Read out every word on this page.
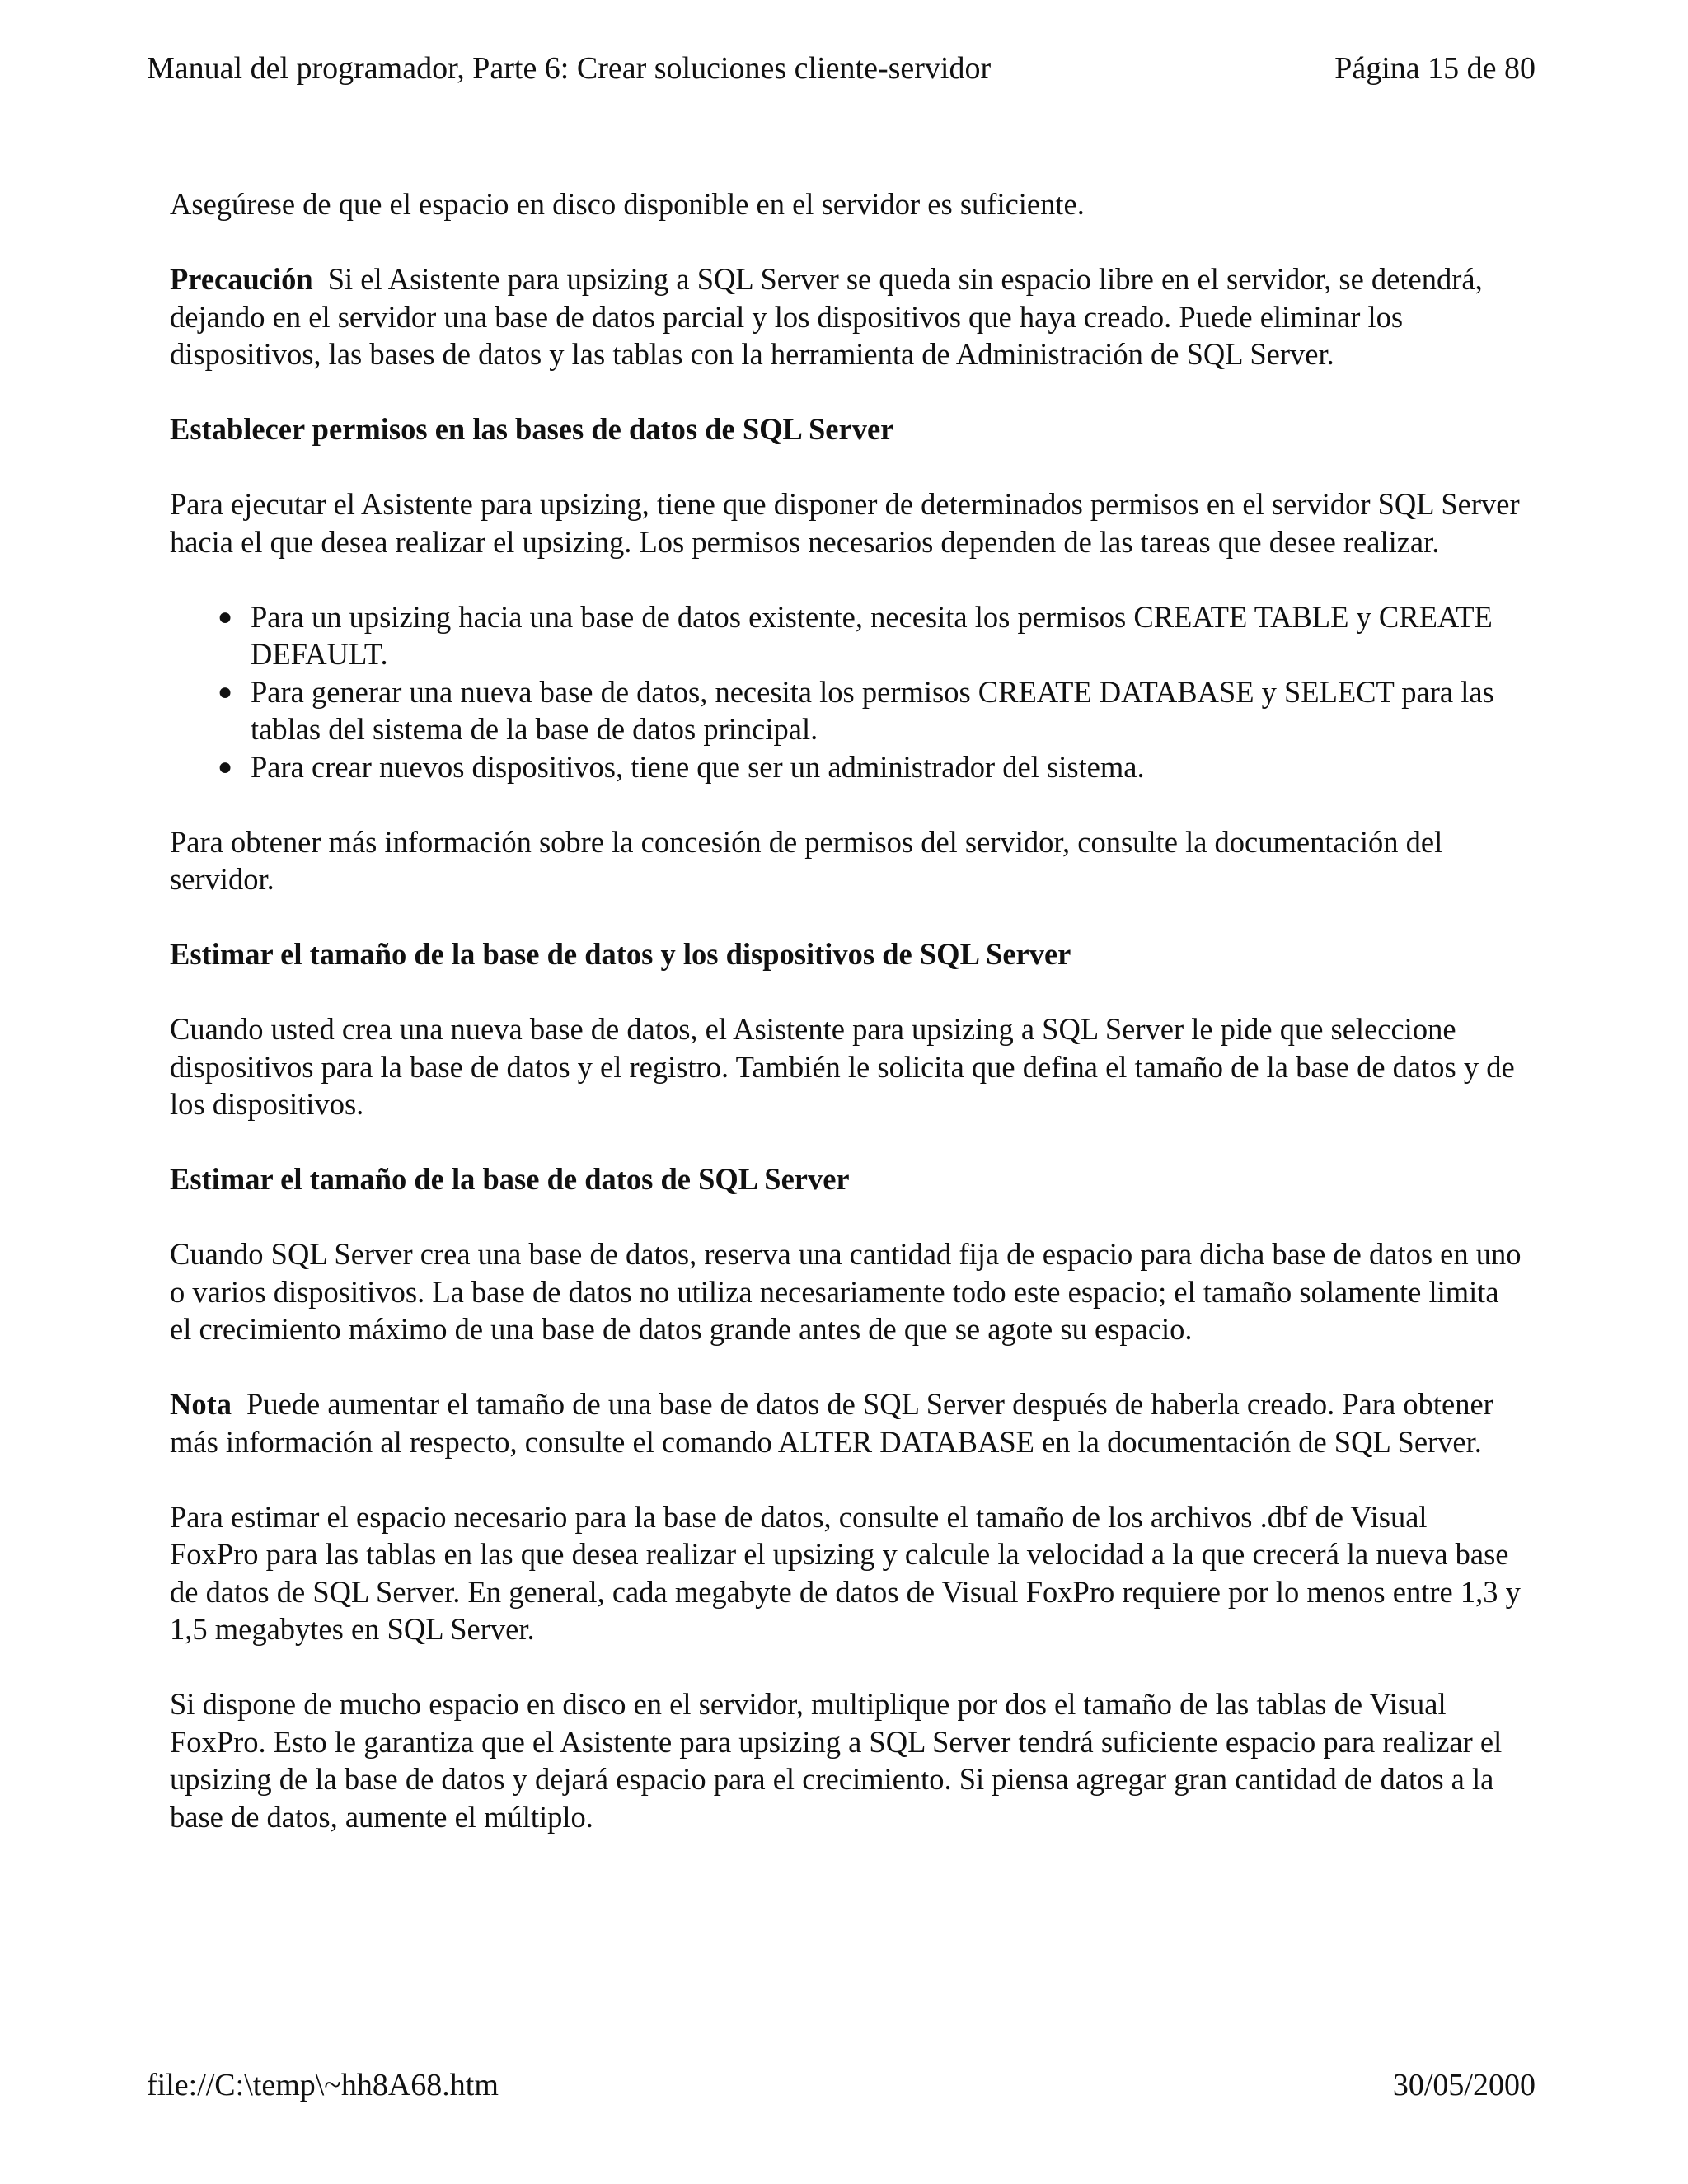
Manual del programador, Parte 6: Crear soluciones cliente-servidor	Página 15 de 80

Asegúrese de que el espacio en disco disponible en el servidor es suficiente.

Precaución Si el Asistente para upsizing a SQL Server se queda sin espacio libre en el servidor, se detendrá, dejando en el servidor una base de datos parcial y los dispositivos que haya creado. Puede eliminar los dispositivos, las bases de datos y las tablas con la herramienta de Administración de SQL Server.

Establecer permisos en las bases de datos de SQL Server

Para ejecutar el Asistente para upsizing, tiene que disponer de determinados permisos en el servidor SQL Server hacia el que desea realizar el upsizing. Los permisos necesarios dependen de las tareas que desee realizar.

● Para un upsizing hacia una base de datos existente, necesita los permisos CREATE TABLE y CREATE DEFAULT.
● Para generar una nueva base de datos, necesita los permisos CREATE DATABASE y SELECT para las tablas del sistema de la base de datos principal.
● Para crear nuevos dispositivos, tiene que ser un administrador del sistema.

Para obtener más información sobre la concesión de permisos del servidor, consulte la documentación del servidor.

Estimar el tamaño de la base de datos y los dispositivos de SQL Server

Cuando usted crea una nueva base de datos, el Asistente para upsizing a SQL Server le pide que seleccione dispositivos para la base de datos y el registro. También le solicita que defina el tamaño de la base de datos y de los dispositivos.

Estimar el tamaño de la base de datos de SQL Server

Cuando SQL Server crea una base de datos, reserva una cantidad fija de espacio para dicha base de datos en uno o varios dispositivos. La base de datos no utiliza necesariamente todo este espacio; el tamaño solamente limita el crecimiento máximo de una base de datos grande antes de que se agote su espacio.

Nota Puede aumentar el tamaño de una base de datos de SQL Server después de haberla creado. Para obtener más información al respecto, consulte el comando ALTER DATABASE en la documentación de SQL Server.

Para estimar el espacio necesario para la base de datos, consulte el tamaño de los archivos .dbf de Visual FoxPro para las tablas en las que desea realizar el upsizing y calcule la velocidad a la que crecerá la nueva base de datos de SQL Server. En general, cada megabyte de datos de Visual FoxPro requiere por lo menos entre 1,3 y 1,5 megabytes en SQL Server.

Si dispone de mucho espacio en disco en el servidor, multiplique por dos el tamaño de las tablas de Visual FoxPro. Esto le garantiza que el Asistente para upsizing a SQL Server tendrá suficiente espacio para realizar el upsizing de la base de datos y dejará espacio para el crecimiento. Si piensa agregar gran cantidad de datos a la base de datos, aumente el múltiplo.

file://C:\temp\~hh8A68.htm	30/05/2000
